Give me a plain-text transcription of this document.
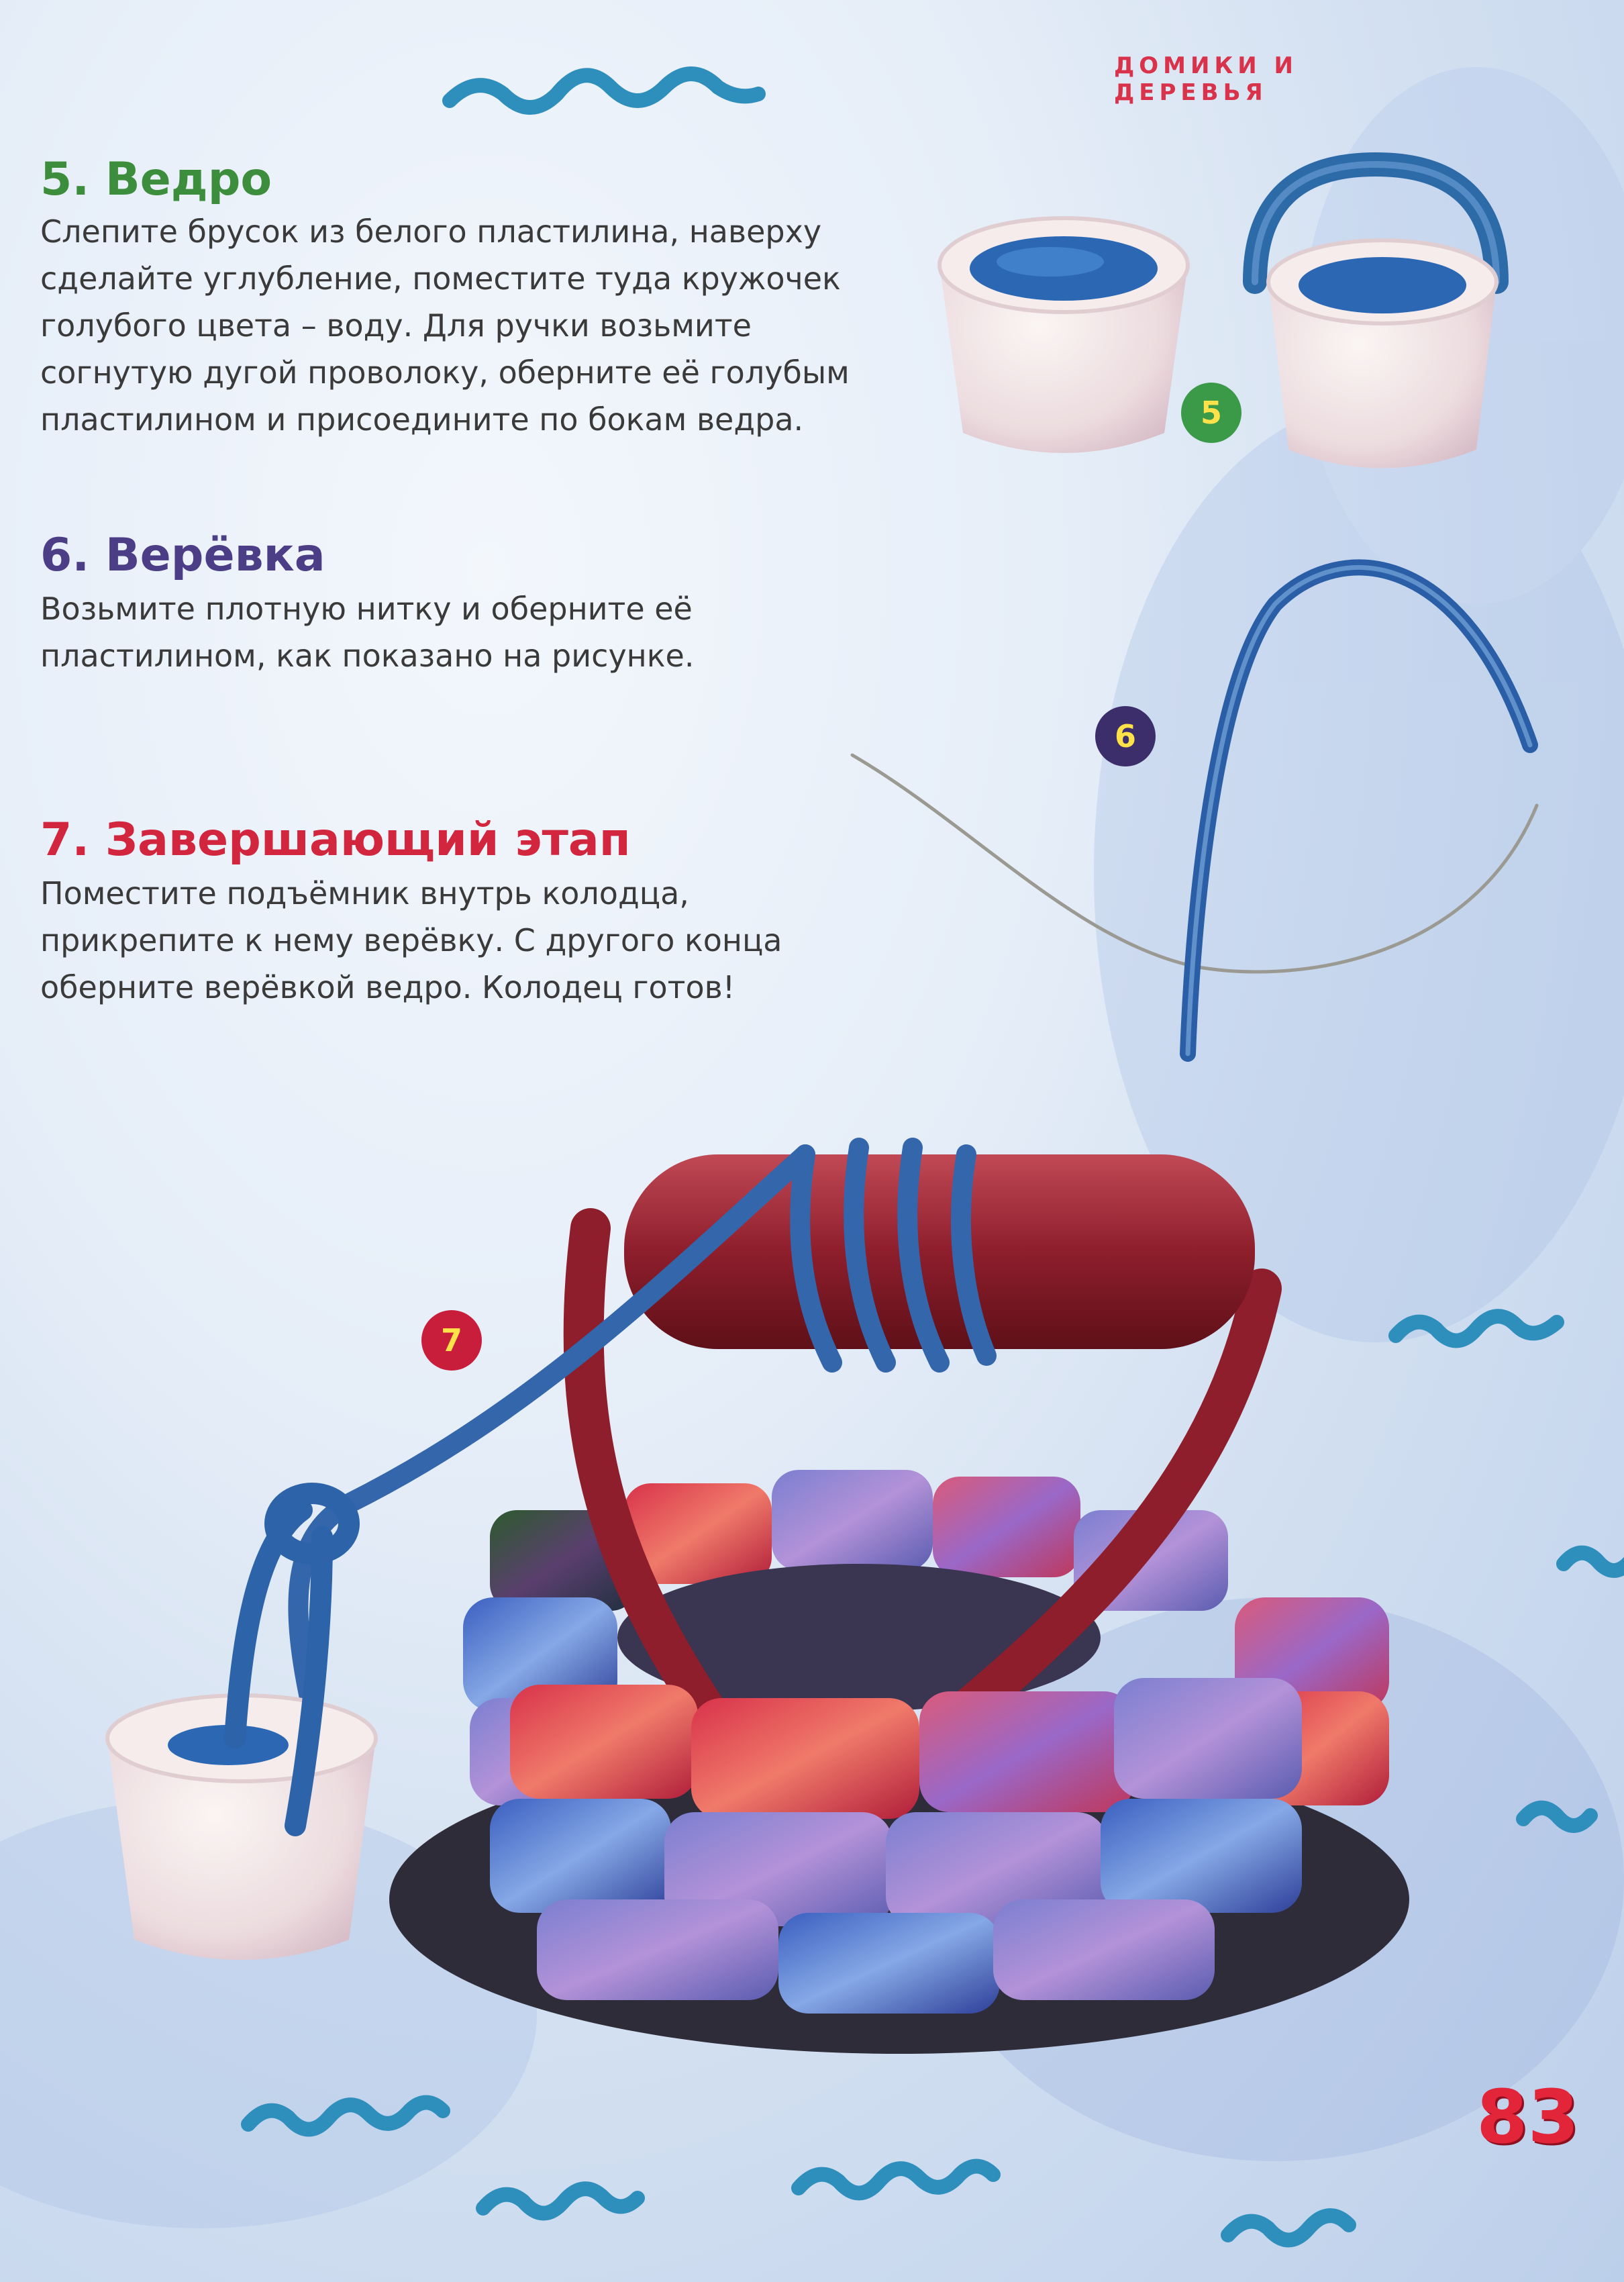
ДОМИКИ И ДЕРЕВЬЯ
5. Ведро
Слепите брусок из белого пластилина, наверху
сделайте углубление, поместите туда кружочек
голубого цвета – воду. Для ручки возьмите
согнутую дугой проволоку, оберните её голубым
пластилином и присоедините по бокам ведра.
6. Верёвка
Возьмите плотную нитку и оберните её
пластилином, как показано на рисунке.
7. Завершающий этап
Поместите подъёмник внутрь колодца,
прикрепите к нему верёвку. С другого конца
оберните верёвкой ведро. Колодец готов!
5
6
7
83
